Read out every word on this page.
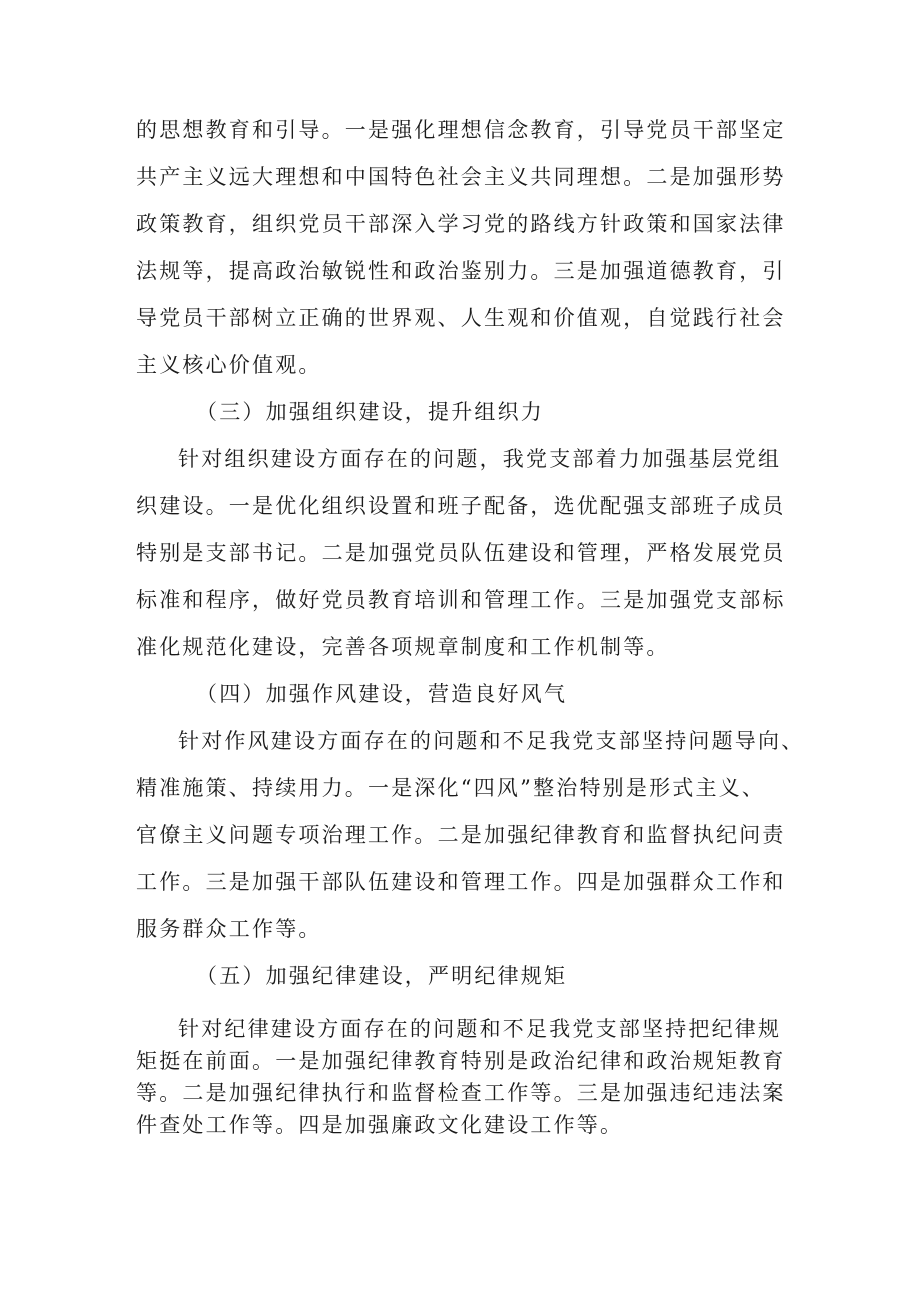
的思想教育和引导。一是强化理想信念教育，引导党员干部坚定
共产主义远大理想和中国特色社会主义共同理想。二是加强形势
政策教育，组织党员干部深入学习党的路线方针政策和国家法律
法规等，提高政治敏锐性和政治鉴别力。三是加强道德教育，引
导党员干部树立正确的世界观、人生观和价值观，自觉践行社会
主义核心价值观。
（三）加强组织建设，提升组织力
针对组织建设方面存在的问题，我党支部着力加强基层党组
织建设。一是优化组织设置和班子配备，选优配强支部班子成员
特别是支部书记。二是加强党员队伍建设和管理，严格发展党员
标准和程序，做好党员教育培训和管理工作。三是加强党支部标
准化规范化建设，完善各项规章制度和工作机制等。
（四）加强作风建设，营造良好风气
针对作风建设方面存在的问题和不足我党支部坚持问题导向、
精准施策、持续用力。一是深化“四风”整治特别是形式主义、
官僚主义问题专项治理工作。二是加强纪律教育和监督执纪问责
工作。三是加强干部队伍建设和管理工作。四是加强群众工作和
服务群众工作等。
（五）加强纪律建设，严明纪律规矩
针对纪律建设方面存在的问题和不足我党支部坚持把纪律规
矩挺在前面。一是加强纪律教育特别是政治纪律和政治规矩教育
等。二是加强纪律执行和监督检查工作等。三是加强违纪违法案
件查处工作等。四是加强廉政文化建设工作等。
